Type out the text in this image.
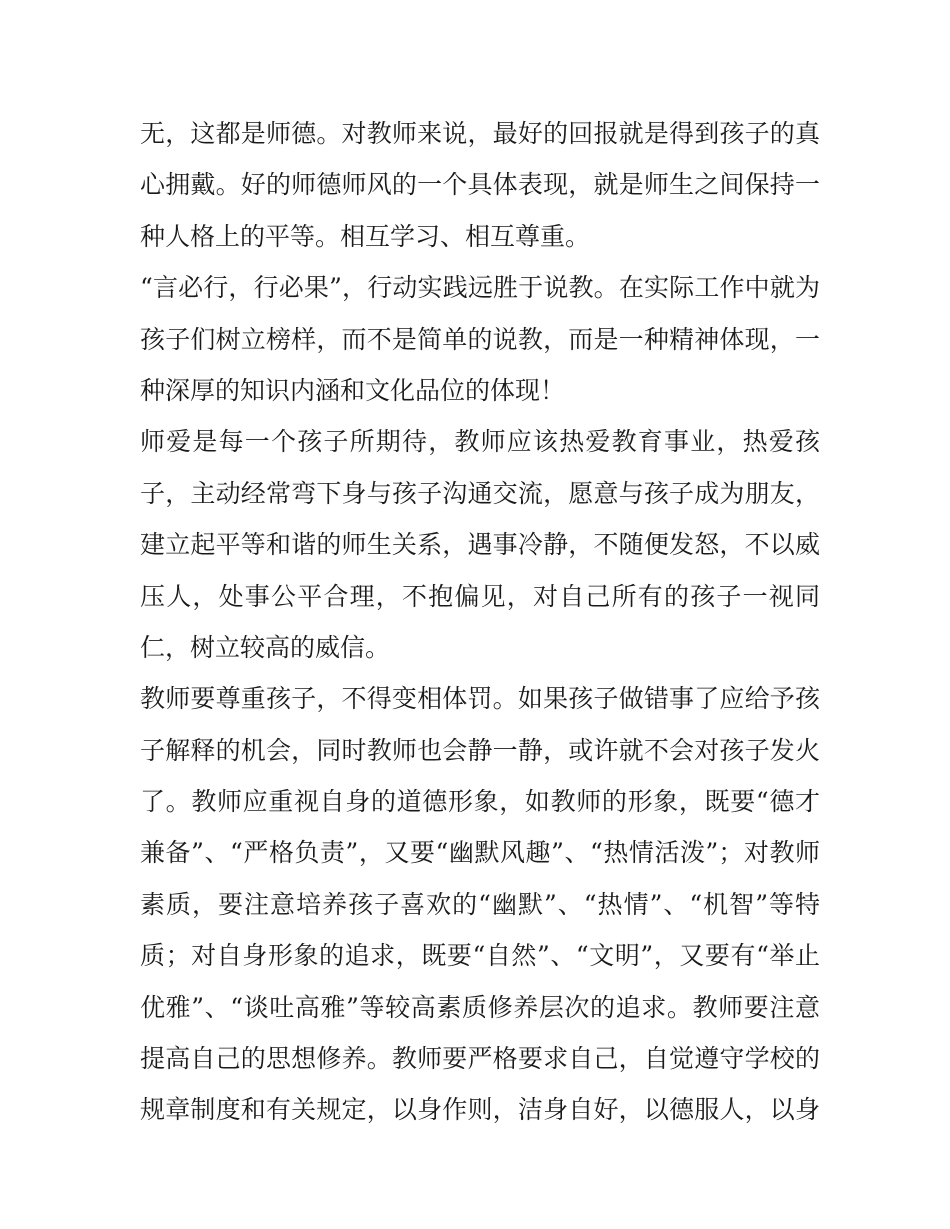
无，这都是师德。对教师来说，最好的回报就是得到孩子的真
心拥戴。好的师德师风的一个具体表现，就是师生之间保持一
种人格上的平等。相互学习、相互尊重。
“言必行，行必果”，行动实践远胜于说教。在实际工作中就为
孩子们树立榜样，而不是简单的说教，而是一种精神体现，一
种深厚的知识内涵和文化品位的体现！
师爱是每一个孩子所期待，教师应该热爱教育事业，热爱孩
子，主动经常弯下身与孩子沟通交流，愿意与孩子成为朋友，
建立起平等和谐的师生关系，遇事冷静，不随便发怒，不以威
压人，处事公平合理，不抱偏见，对自己所有的孩子一视同
仁，树立较高的威信。
教师要尊重孩子，不得变相体罚。如果孩子做错事了应给予孩
子解释的机会，同时教师也会静一静，或许就不会对孩子发火
了。教师应重视自身的道德形象，如教师的形象，既要“德才
兼备”、“严格负责”，又要“幽默风趣”、“热情活泼”；对教师
素质，要注意培养孩子喜欢的“幽默”、“热情”、“机智”等特
质；对自身形象的追求，既要“自然”、“文明”，又要有“举止
优雅”、“谈吐高雅”等较高素质修养层次的追求。教师要注意
提高自己的思想修养。教师要严格要求自己，自觉遵守学校的
规章制度和有关规定，以身作则，洁身自好，以德服人，以身
